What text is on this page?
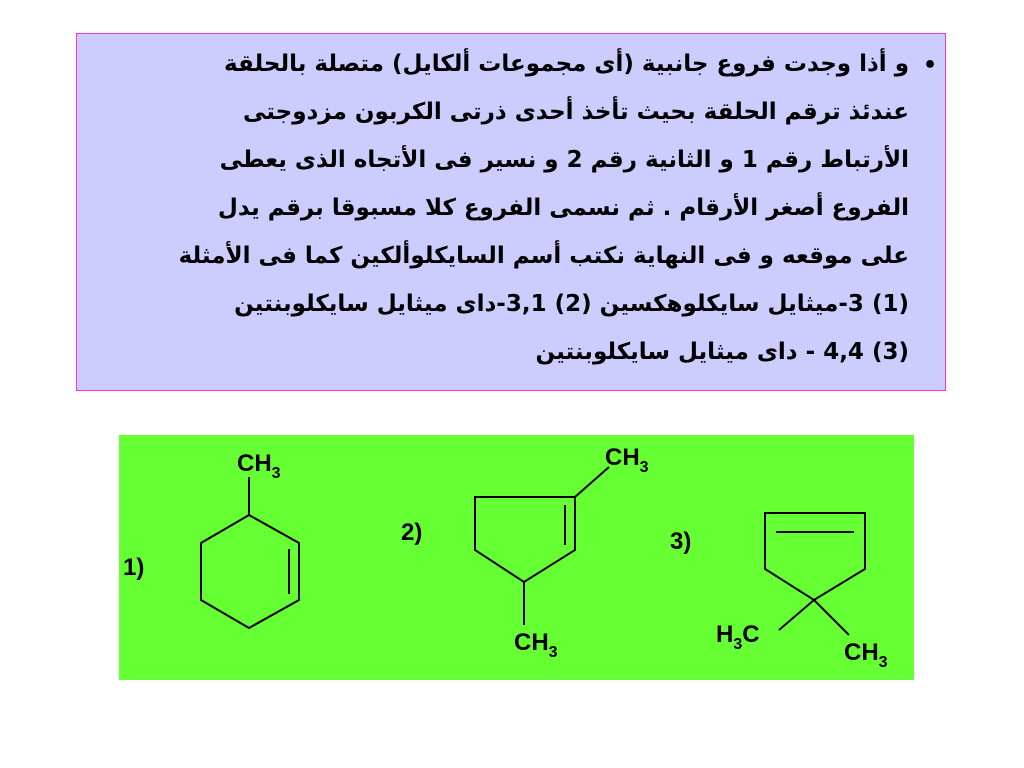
•
و أذا وجدت فروع جانبية (أى مجموعات ألكايل) متصلة بالحلقة
عندئذ ترقم الحلقة بحيث تأخذ أحدى ذرتى الكربون مزدوجتى
الأرتباط رقم 1 و الثانية رقم 2 و نسير فى الأتجاه الذى يعطى
الفروع أصغر الأرقام . ثم نسمى الفروع كلا مسبوقا برقم يدل
على موقعه و فى النهاية نكتب أسم السايكلوألكين كما فى الأمثلة
(1) 3-ميثايل سايكلوهكسين (2) 3,1-داى ميثايل سايكلوبنتين
(3) 4,4 - داى ميثايل سايكلوبنتين
1)
$CH_3$
2)
$CH_3$
$CH_3$
3)
$H_3C$
$CH_3$
